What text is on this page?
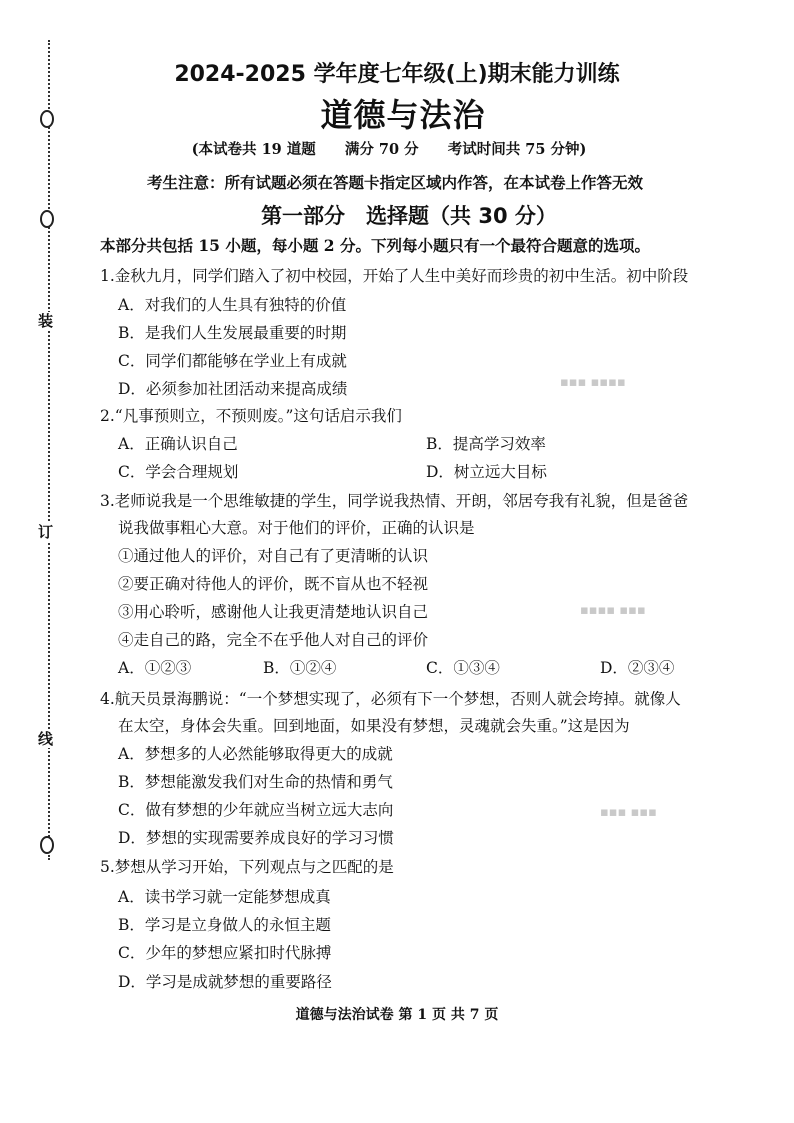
装
订
线
▪▪▪ ▪▪▪▪
▪▪▪▪ ▪▪▪
▪▪▪ ▪▪▪
2024-2025 学年度七年级(上)期末能力训练
道德与法治
(本试卷共 19 道题 满分 70 分 考试时间共 75 分钟)
考生注意：所有试题必须在答题卡指定区域内作答，在本试卷上作答无效
第一部分　选择题（共 30 分）
本部分共包括 15 小题，每小题 2 分。下列每小题只有一个最符合题意的选项。
1.金秋九月，同学们踏入了初中校园，开始了人生中美好而珍贵的初中生活。初中阶段
A．对我们的人生具有独特的价值
B．是我们人生发展最重要的时期
C．同学们都能够在学业上有成就
D．必须参加社团活动来提高成绩
2.“凡事预则立，不预则废。”这句话启示我们
A．正确认识自己	B．提高学习效率
C．学会合理规划	D．树立远大目标
3.老师说我是一个思维敏捷的学生，同学说我热情、开朗，邻居夸我有礼貌，但是爸爸
说我做事粗心大意。对于他们的评价，正确的认识是
①通过他人的评价，对自己有了更清晰的认识
②要正确对待他人的评价，既不盲从也不轻视
③用心聆听，感谢他人让我更清楚地认识自己
④走自己的路，完全不在乎他人对自己的评价
A．①②③	B．①②④	C．①③④	D．②③④
4.航天员景海鹏说：“一个梦想实现了，必须有下一个梦想，否则人就会垮掉。就像人
在太空，身体会失重。回到地面，如果没有梦想，灵魂就会失重。”这是因为
A．梦想多的人必然能够取得更大的成就
B．梦想能激发我们对生命的热情和勇气
C．做有梦想的少年就应当树立远大志向
D．梦想的实现需要养成良好的学习习惯
5.梦想从学习开始，下列观点与之匹配的是
A．读书学习就一定能梦想成真
B．学习是立身做人的永恒主题
C．少年的梦想应紧扣时代脉搏
D．学习是成就梦想的重要路径
道德与法治试卷 第 1 页 共 7 页
